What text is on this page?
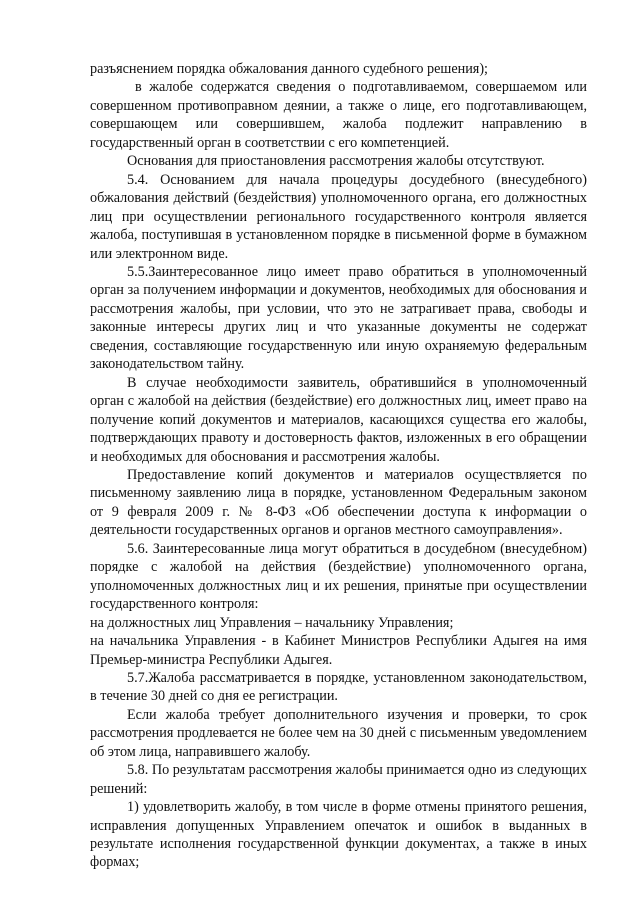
разъяснением порядка обжалования данного судебного решения);

в жалобе содержатся сведения о подготавливаемом, совершаемом или совершенном противоправном деянии, а также о лице, его подготавливающем, совершающем или совершившем, жалоба подлежит направлению в государственный орган в соответствии с его компетенцией.

Основания для приостановления рассмотрения жалобы отсутствуют.

5.4. Основанием для начала процедуры досудебного (внесудебного) обжалования действий (бездействия) уполномоченного органа, его должностных лиц при осуществлении регионального государственного контроля является жалоба, поступившая в установленном порядке в письменной форме в бумажном или электронном виде.

5.5.Заинтересованное лицо имеет право обратиться в уполномоченный орган за получением информации и документов, необходимых для обоснования и рассмотрения жалобы, при условии, что это не затрагивает права, свободы и законные интересы других лиц и что указанные документы не содержат сведения, составляющие государственную или иную охраняемую федеральным законодательством тайну.

В случае необходимости заявитель, обратившийся в уполномоченный орган с жалобой на действия (бездействие) его должностных лиц, имеет право на получение копий документов и материалов, касающихся существа его жалобы, подтверждающих правоту и достоверность фактов, изложенных в его обращении и необходимых для обоснования и рассмотрения жалобы.

Предоставление копий документов и материалов осуществляется по письменному заявлению лица в порядке, установленном Федеральным законом от 9 февраля 2009 г. № 8-ФЗ «Об обеспечении доступа к информации о деятельности государственных органов и органов местного самоуправления».

5.6. Заинтересованные лица могут обратиться в досудебном (внесудебном) порядке с жалобой на действия (бездействие) уполномоченного органа, уполномоченных должностных лиц и их решения, принятые при осуществлении государственного контроля:

на должностных лиц Управления – начальнику Управления;

на начальника Управления - в Кабинет Министров Республики Адыгея на имя Премьер-министра Республики Адыгея.

5.7.Жалоба рассматривается в порядке, установленном законодательством, в течение 30 дней со дня ее регистрации.

Если жалоба требует дополнительного изучения и проверки, то срок рассмотрения продлевается не более чем на 30 дней с письменным уведомлением об этом лица, направившего жалобу.

5.8. По результатам рассмотрения жалобы принимается одно из следующих решений:

1) удовлетворить жалобу, в том числе в форме отмены принятого решения, исправления допущенных Управлением опечаток и ошибок в выданных в результате исполнения государственной функции документах, а также в иных формах;
